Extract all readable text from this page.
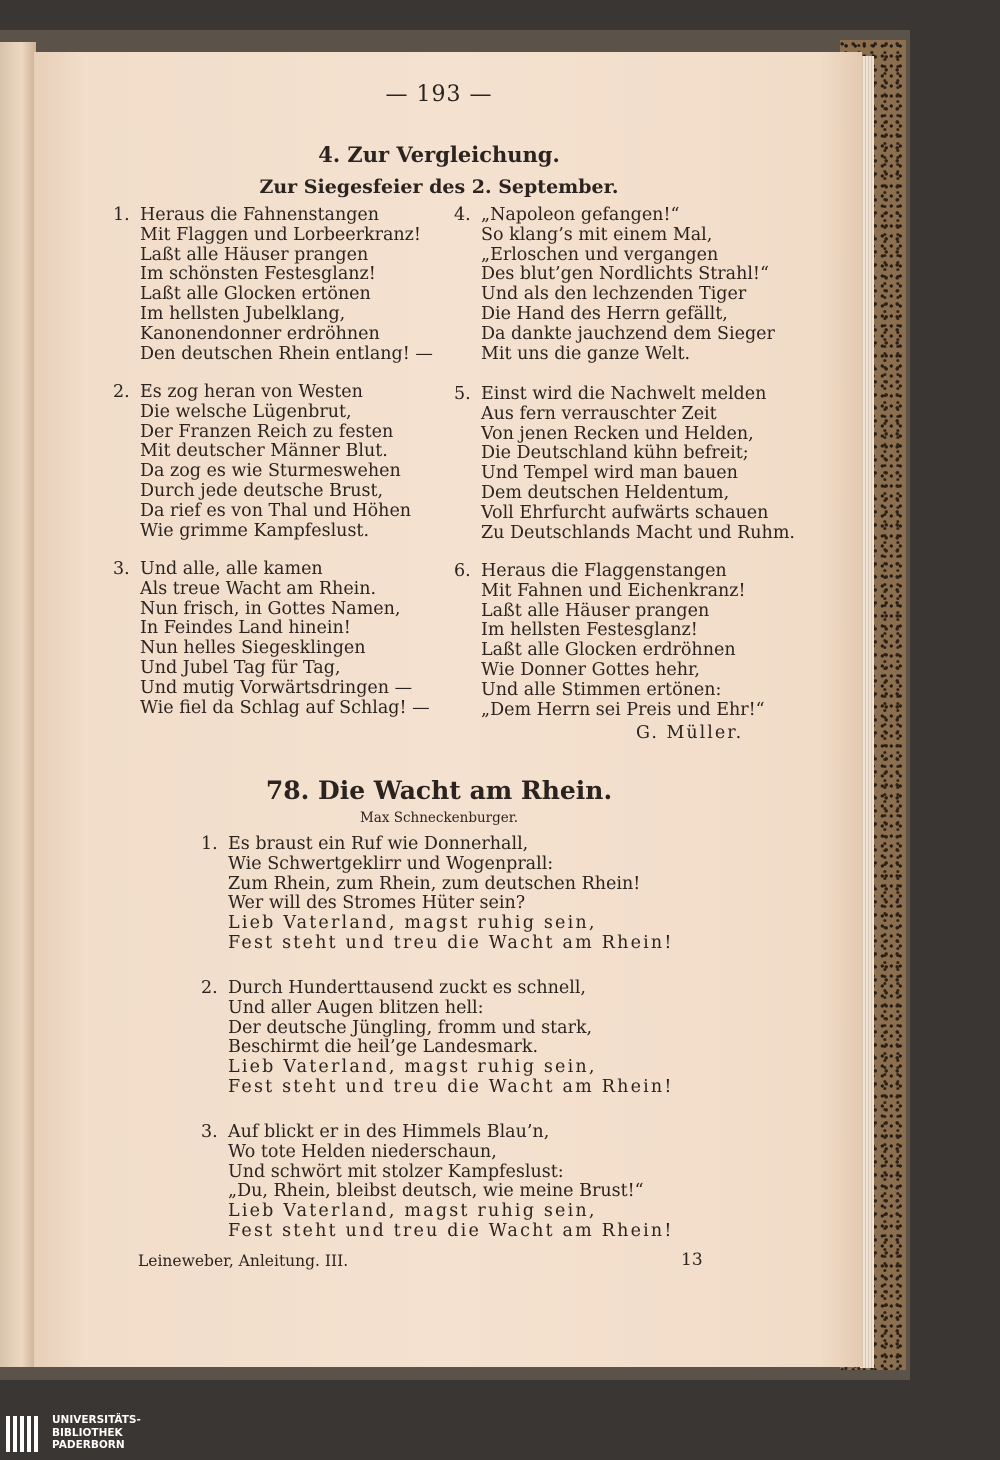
— 193 —
4. Zur Vergleichung.
Zur Siegesfeier des 2. September.
1. Heraus die Fahnenstangen
Mit Flaggen und Lorbeerkranz!
Laßt alle Häuser prangen
Im schönsten Festesglanz!
Laßt alle Glocken ertönen
Im hellsten Jubelklang,
Kanonendonner erdröhnen
Den deutschen Rhein entlang! —
2. Es zog heran von Westen
Die welsche Lügenbrut,
Der Franzen Reich zu festen
Mit deutscher Männer Blut.
Da zog es wie Sturmeswehen
Durch jede deutsche Brust,
Da rief es von Thal und Höhen
Wie grimme Kampfeslust.
3. Und alle, alle kamen
Als treue Wacht am Rhein.
Nun frisch, in Gottes Namen,
In Feindes Land hinein!
Nun helles Siegesklingen
Und Jubel Tag für Tag,
Und mutig Vorwärtsdringen —
Wie fiel da Schlag auf Schlag! —
4. „Napoleon gefangen!“
So klang’s mit einem Mal,
„Erloschen und vergangen
Des blut’gen Nordlichts Strahl!“
Und als den lechzenden Tiger
Die Hand des Herrn gefällt,
Da dankte jauchzend dem Sieger
Mit uns die ganze Welt.
5. Einst wird die Nachwelt melden
Aus fern verrauschter Zeit
Von jenen Recken und Helden,
Die Deutschland kühn befreit;
Und Tempel wird man bauen
Dem deutschen Heldentum,
Voll Ehrfurcht aufwärts schauen
Zu Deutschlands Macht und Ruhm.
6. Heraus die Flaggenstangen
Mit Fahnen und Eichenkranz!
Laßt alle Häuser prangen
Im hellsten Festesglanz!
Laßt alle Glocken erdröhnen
Wie Donner Gottes hehr,
Und alle Stimmen ertönen:
„Dem Herrn sei Preis und Ehr!“
G. Müller.
78. Die Wacht am Rhein.
Max Schneckenburger.
1. Es braust ein Ruf wie Donnerhall,
Wie Schwertgeklirr und Wogenprall:
Zum Rhein, zum Rhein, zum deutschen Rhein!
Wer will des Stromes Hüter sein?
Lieb Vaterland, magst ruhig sein,
Fest steht und treu die Wacht am Rhein!
2. Durch Hunderttausend zuckt es schnell,
Und aller Augen blitzen hell:
Der deutsche Jüngling, fromm und stark,
Beschirmt die heil’ge Landesmark.
Lieb Vaterland, magst ruhig sein,
Fest steht und treu die Wacht am Rhein!
3. Auf blickt er in des Himmels Blau’n,
Wo tote Helden niederschaun,
Und schwört mit stolzer Kampfeslust:
„Du, Rhein, bleibst deutsch, wie meine Brust!“
Lieb Vaterland, magst ruhig sein,
Fest steht und treu die Wacht am Rhein!
Leineweber, Anleitung. III.	13
UNIVERSITÄTS-
BIBLIOTHEK
PADERBORN
